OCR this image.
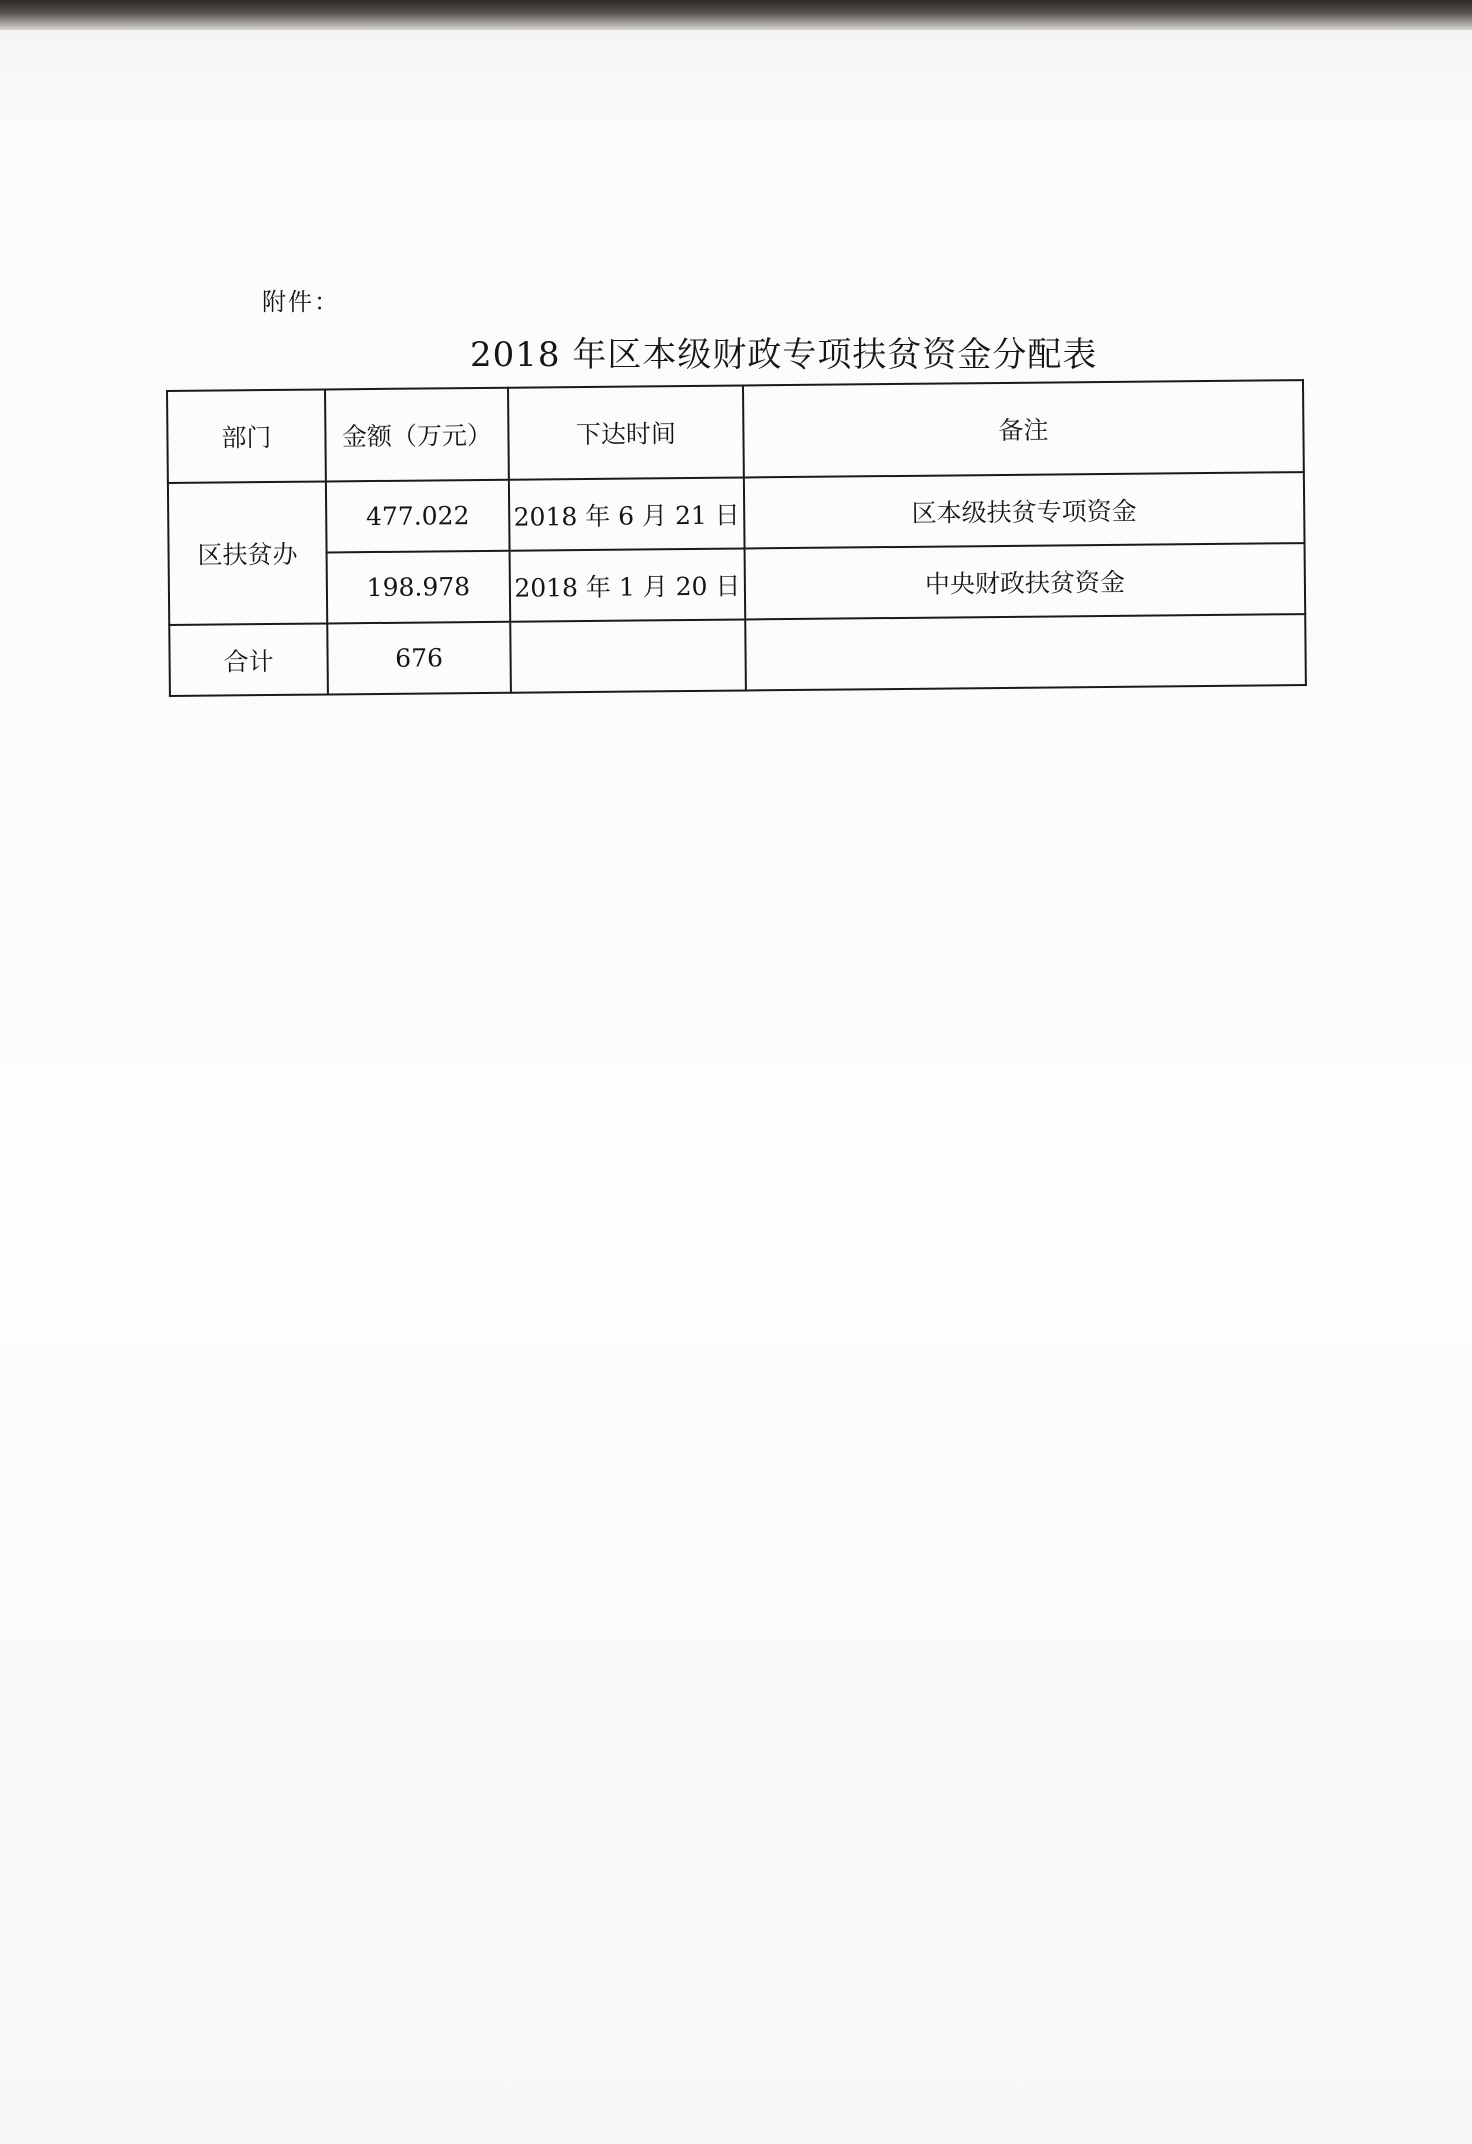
附件：
2018 年区本级财政专项扶贫资金分配表
部门	金额（万元）	下达时间	备注
区扶贫办	477.022	2018 年 6 月 21 日	区本级扶贫专项资金
	198.978	2018 年 1 月 20 日	中央财政扶贫资金
合计	676		
